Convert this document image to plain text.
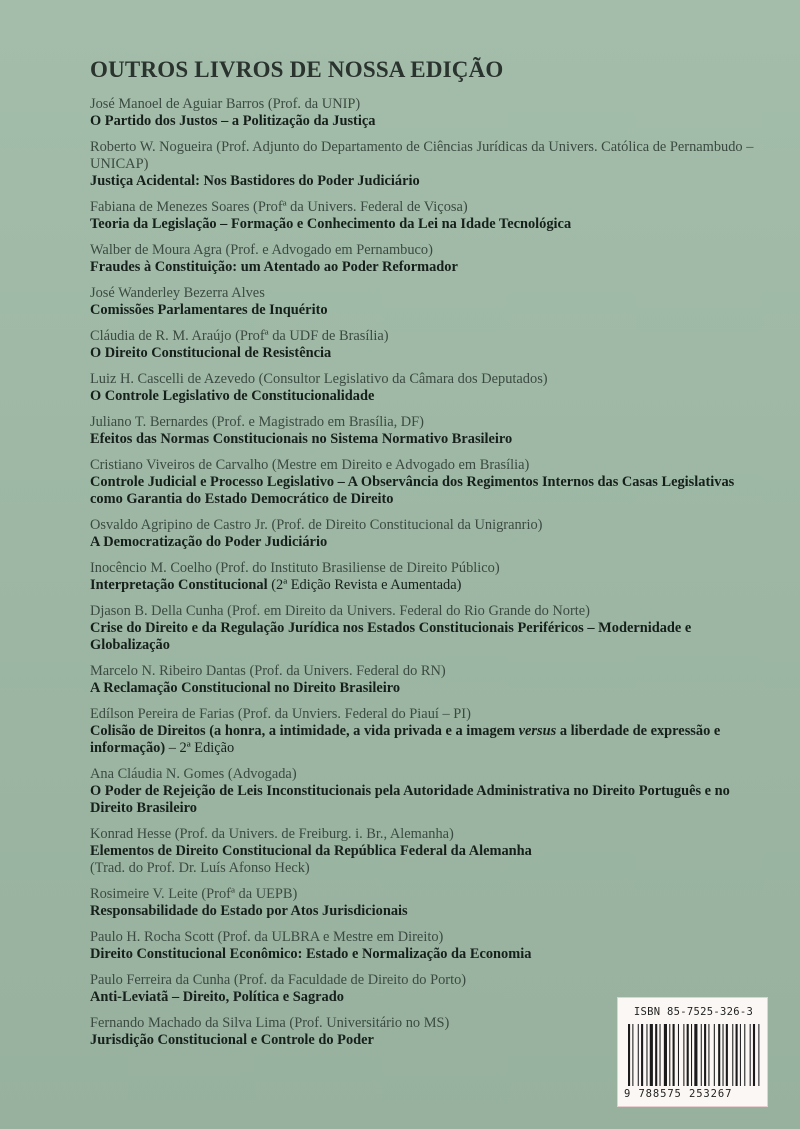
OUTROS LIVROS DE NOSSA EDIÇÃO
José Manoel de Aguiar Barros (Prof. da UNIP)
O Partido dos Justos – a Politização da Justiça
Roberto W. Nogueira (Prof. Adjunto do Departamento de Ciências Jurídicas da Univers. Católica de Pernambudo – UNICAP)
Justiça Acidental: Nos Bastidores do Poder Judiciário
Fabiana de Menezes Soares (Profª da Univers. Federal de Viçosa)
Teoria da Legislação – Formação e Conhecimento da Lei na Idade Tecnológica
Walber de Moura Agra (Prof. e Advogado em Pernambuco)
Fraudes à Constituição: um Atentado ao Poder Reformador
José Wanderley Bezerra Alves
Comissões Parlamentares de Inquérito
Cláudia de R. M. Araújo (Profª da UDF de Brasília)
O Direito Constitucional de Resistência
Luiz H. Cascelli de Azevedo (Consultor Legislativo da Câmara dos Deputados)
O Controle Legislativo de Constitucionalidade
Juliano T. Bernardes (Prof. e Magistrado em Brasília, DF)
Efeitos das Normas Constitucionais no Sistema Normativo Brasileiro
Cristiano Viveiros de Carvalho (Mestre em Direito e Advogado em Brasília)
Controle Judicial e Processo Legislativo – A Observância dos Regimentos Internos das Casas Legislativas como Garantia do Estado Democrático de Direito
Osvaldo Agripino de Castro Jr. (Prof. de Direito Constitucional da Unigranrio)
A Democratização do Poder Judiciário
Inocêncio M. Coelho (Prof. do Instituto Brasiliense de Direito Público)
Interpretação Constitucional (2ª Edição Revista e Aumentada)
Djason B. Della Cunha (Prof. em Direito da Univers. Federal do Rio Grande do Norte)
Crise do Direito e da Regulação Jurídica nos Estados Constitucionais Periféricos – Modernidade e Globalização
Marcelo N. Ribeiro Dantas (Prof. da Univers. Federal do RN)
A Reclamação Constitucional no Direito Brasileiro
Edílson Pereira de Farias (Prof. da Unviers. Federal do Piauí – PI)
Colisão de Direitos (a honra, a intimidade, a vida privada e a imagem versus a liberdade de expressão e informação) – 2ª Edição
Ana Cláudia N. Gomes (Advogada)
O Poder de Rejeição de Leis Inconstitucionais pela Autoridade Administrativa no Direito Português e no Direito Brasileiro
Konrad Hesse (Prof. da Univers. de Freiburg. i. Br., Alemanha)
Elementos de Direito Constitucional da República Federal da Alemanha
(Trad. do Prof. Dr. Luís Afonso Heck)
Rosimeire V. Leite (Profª da UEPB)
Responsabilidade do Estado por Atos Jurisdicionais
Paulo H. Rocha Scott (Prof. da ULBRA e Mestre em Direito)
Direito Constitucional Econômico: Estado e Normalização da Economia
Paulo Ferreira da Cunha (Prof. da Faculdade de Direito do Porto)
Anti-Leviatã – Direito, Política e Sagrado
Fernando Machado da Silva Lima (Prof. Universitário no MS)
Jurisdição Constitucional e Controle do Poder
ISBN 85-7525-326-3
9 788575 253267
